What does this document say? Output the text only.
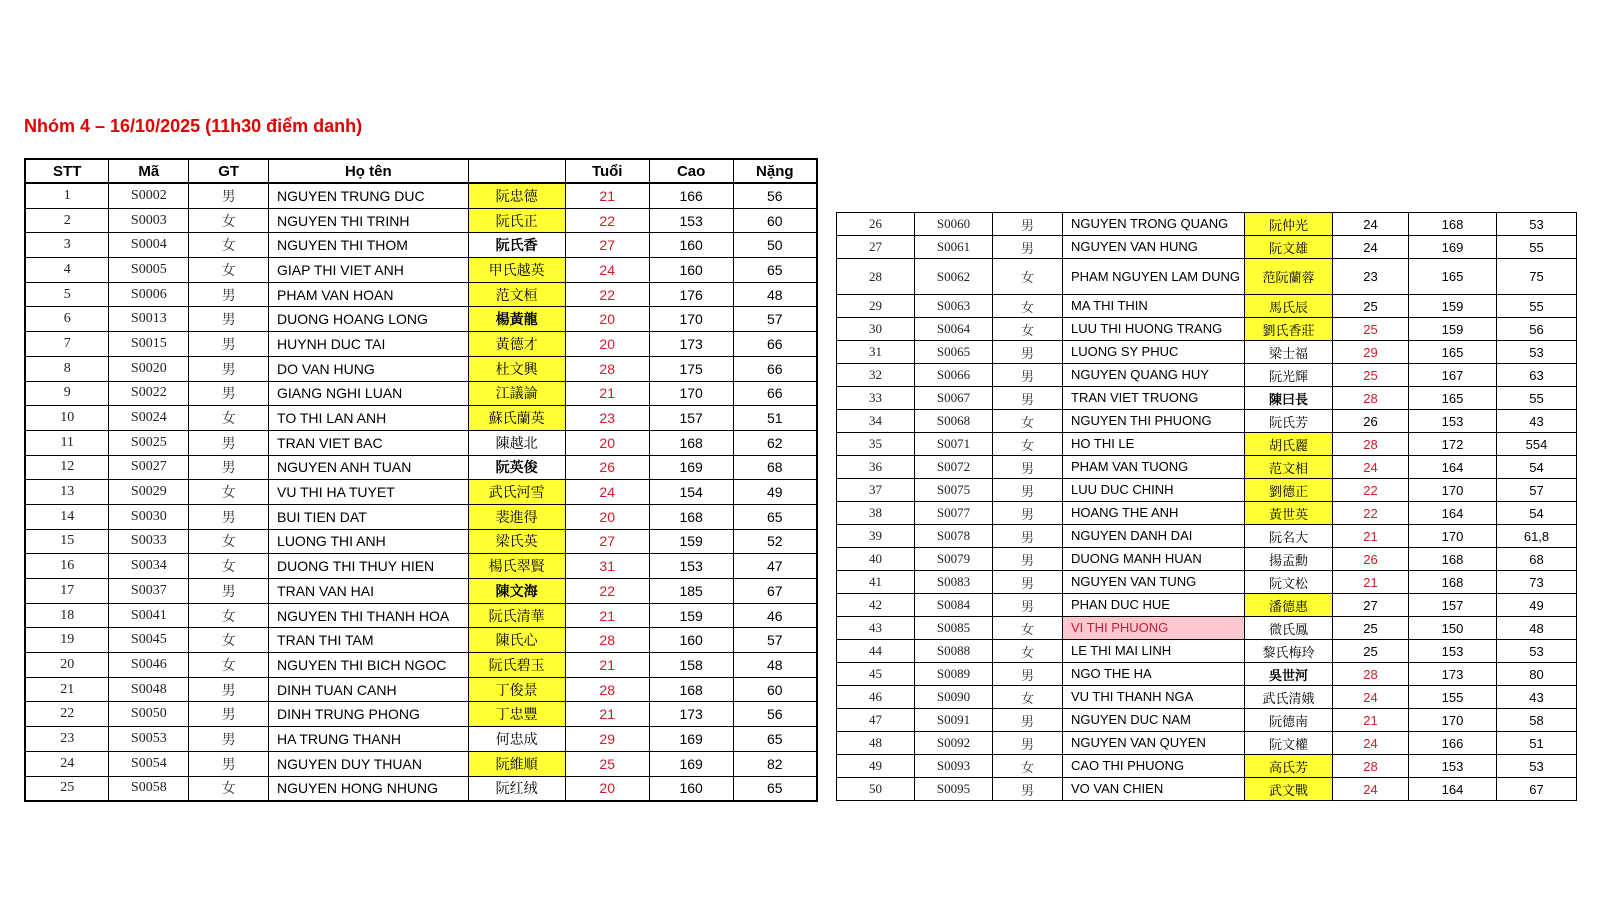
Nhóm 4 – 16/10/2025 (11h30 điểm danh)
STT	Mã	GT	Họ tên		Tuổi	Cao	Nặng
1	S0002	男	NGUYEN TRUNG DUC	阮忠德	21	166	56
2	S0003	女	NGUYEN THI TRINH	阮氏正	22	153	60
3	S0004	女	NGUYEN THI THOM	阮氏香	27	160	50
4	S0005	女	GIAP THI VIET ANH	甲氏越英	24	160	65
5	S0006	男	PHAM VAN HOAN	范文桓	22	176	48
6	S0013	男	DUONG HOANG LONG	楊黃龍	20	170	57
7	S0015	男	HUYNH DUC TAI	黃德才	20	173	66
8	S0020	男	DO VAN HUNG	杜文興	28	175	66
9	S0022	男	GIANG NGHI LUAN	江議論	21	170	66
10	S0024	女	TO THI LAN ANH	蘇氏蘭英	23	157	51
11	S0025	男	TRAN VIET BAC	陳越北	20	168	62
12	S0027	男	NGUYEN ANH TUAN	阮英俊	26	169	68
13	S0029	女	VU THI HA TUYET	武氏河雪	24	154	49
14	S0030	男	BUI TIEN DAT	裴進得	20	168	65
15	S0033	女	LUONG THI ANH	梁氏英	27	159	52
16	S0034	女	DUONG THI THUY HIEN	楊氏翠賢	31	153	47
17	S0037	男	TRAN VAN HAI	陳文海	22	185	67
18	S0041	女	NGUYEN THI THANH HOA	阮氏清華	21	159	46
19	S0045	女	TRAN THI TAM	陳氏心	28	160	57
20	S0046	女	NGUYEN THI BICH NGOC	阮氏碧玉	21	158	48
21	S0048	男	DINH TUAN CANH	丁俊景	28	168	60
22	S0050	男	DINH TRUNG PHONG	丁忠豐	21	173	56
23	S0053	男	HA TRUNG THANH	何忠成	29	169	65
24	S0054	男	NGUYEN DUY THUAN	阮維順	25	169	82
25	S0058	女	NGUYEN HONG NHUNG	阮红绒	20	160	65
26	S0060	男	NGUYEN TRONG QUANG	阮仲光	24	168	53
27	S0061	男	NGUYEN VAN HUNG	阮文雄	24	169	55
28	S0062	女	PHAM NGUYEN LAM DUNG	范阮蘭蓉	23	165	75
29	S0063	女	MA THI THIN	馬氏辰	25	159	55
30	S0064	女	LUU THI HUONG TRANG	劉氏香莊	25	159	56
31	S0065	男	LUONG SY PHUC	梁士福	29	165	53
32	S0066	男	NGUYEN QUANG HUY	阮光輝	25	167	63
33	S0067	男	TRAN VIET TRUONG	陳曰長	28	165	55
34	S0068	女	NGUYEN THI PHUONG	阮氏芳	26	153	43
35	S0071	女	HO THI LE	胡氏麗	28	172	554
36	S0072	男	PHAM VAN TUONG	范文相	24	164	54
37	S0075	男	LUU DUC CHINH	劉德正	22	170	57
38	S0077	男	HOANG THE ANH	黃世英	22	164	54
39	S0078	男	NGUYEN DANH DAI	阮名大	21	170	61,8
40	S0079	男	DUONG MANH HUAN	揚孟勳	26	168	68
41	S0083	男	NGUYEN VAN TUNG	阮文松	21	168	73
42	S0084	男	PHAN DUC HUE	潘德惠	27	157	49
43	S0085	女	VI THI PHUONG	微氏鳳	25	150	48
44	S0088	女	LE THI MAI LINH	黎氏梅玲	25	153	53
45	S0089	男	NGO THE HA	吳世河	28	173	80
46	S0090	女	VU THI THANH NGA	武氏清娥	24	155	43
47	S0091	男	NGUYEN DUC NAM	阮德南	21	170	58
48	S0092	男	NGUYEN VAN QUYEN	阮文權	24	166	51
49	S0093	女	CAO THI PHUONG	高氏芳	28	153	53
50	S0095	男	VO VAN CHIEN	武文戰	24	164	67
